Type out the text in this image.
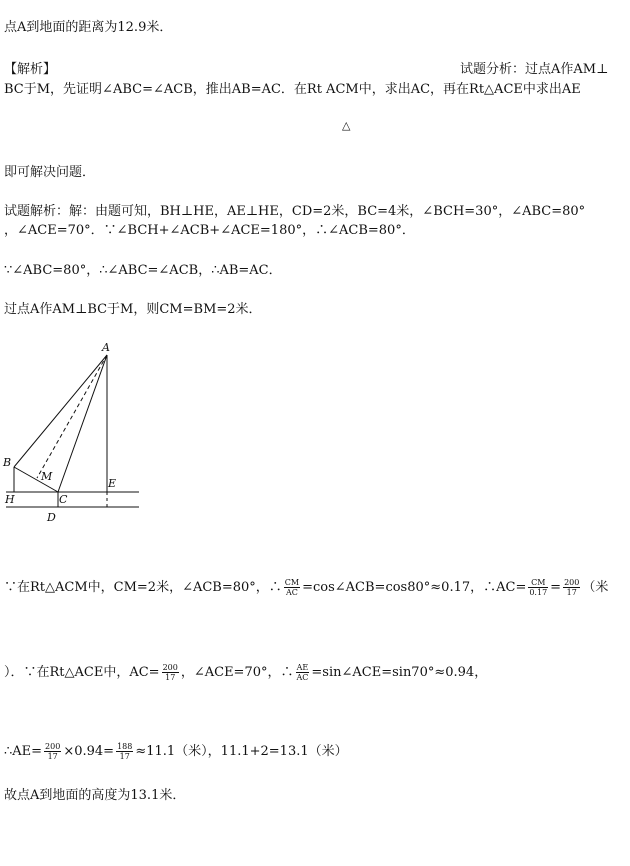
点A到地面的距离为12.9米．
【解析】	试题分析：过点A作AM⊥
BC于M，先证明∠ABC=∠ACB，推出AB=AC．在Rt ACM中，求出AC，再在Rt△ACE中求出AE
△
即可解决问题．
试题解析：解：由题可知，BH⊥HE，AE⊥HE，CD=2米，BC=4米，∠BCH=30°，∠ABC=80°
，∠ACE=70°．∵∠BCH+∠ACB+∠ACE=180°，∴∠ACB=80°．
∵∠ABC=80°，∴∠ABC=∠ACB，∴AB=AC．
过点A作AM⊥BC于M，则CM=BM=2米．
A
B
M
H	C
E
D
∵在Rt△ACM中，CM=2米，∠ACB=80°，∴ $\frac{CM}{AC}$ =cos∠ACB=cos80°≈0.17，∴AC= $\frac{CM}{0.17} = \frac{200}{17}$ （米
）．∵在Rt△ACE中，$AC= \frac{200}{17}$ ，∠ACE=70°，∴ $\frac{AE}{AC}$ =sin∠ACE=sin70°≈0.94，
∴AE= $\frac{200}{17} \times 0.94= \frac{188}{17} \approx 11.1$（米），11.1+2=13.1（米）
故点A到地面的高度为13.1米．
